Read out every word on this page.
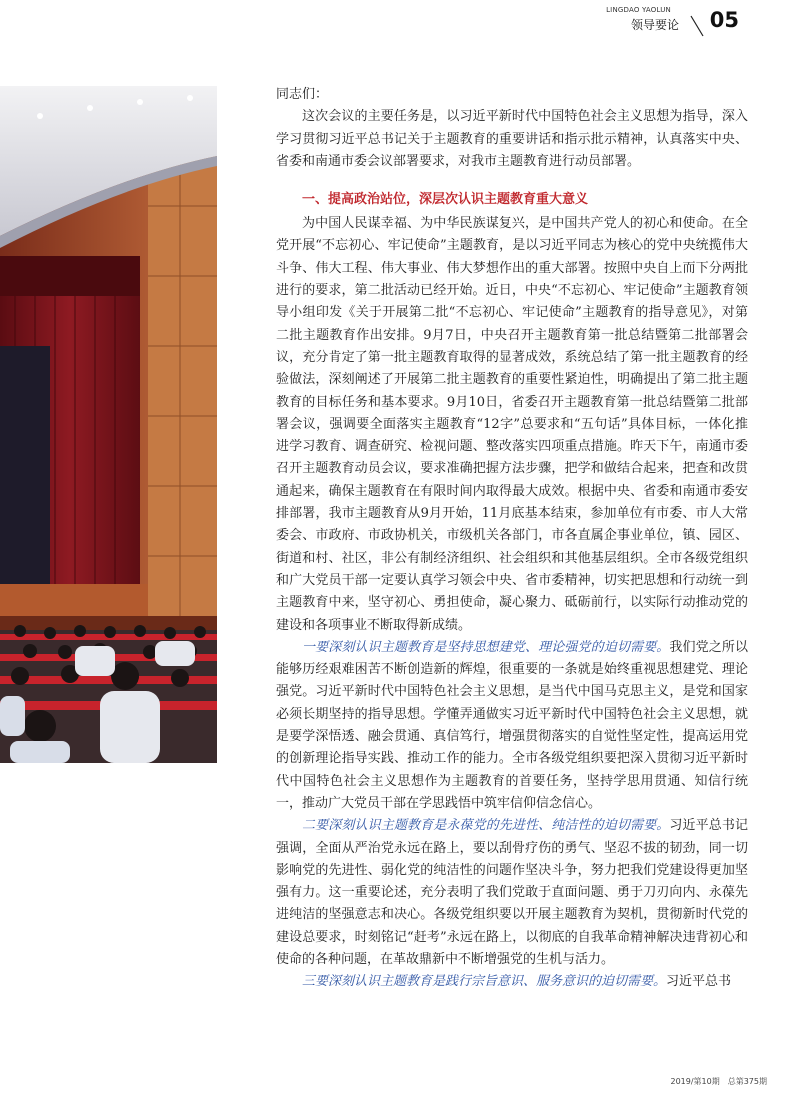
LINGDAO YAOLUN
领导要论 05

同志们：

这次会议的主要任务是，以习近平新时代中国特色社会主义思想为指导，深入学习贯彻习近平总书记关于主题教育的重要讲话和指示批示精神，认真落实中央、省委和南通市委会议部署要求，对我市主题教育进行动员部署。

一、提高政治站位，深层次认识主题教育重大意义

为中国人民谋幸福、为中华民族谋复兴，是中国共产党人的初心和使命。在全党开展“不忘初心、牢记使命”主题教育，是以习近平同志为核心的党中央统揽伟大斗争、伟大工程、伟大事业、伟大梦想作出的重大部署。按照中央自上而下分两批进行的要求，第二批活动已经开始。近日，中央“不忘初心、牢记使命”主题教育领导小组印发《关于开展第二批“不忘初心、牢记使命”主题教育的指导意见》，对第二批主题教育作出安排。9月7日，中央召开主题教育第一批总结暨第二批部署会议，充分肯定了第一批主题教育取得的显著成效，系统总结了第一批主题教育的经验做法，深刻阐述了开展第二批主题教育的重要性紧迫性，明确提出了第二批主题教育的目标任务和基本要求。9月10日，省委召开主题教育第一批总结暨第二批部署会议，强调要全面落实主题教育“12字”总要求和“五句话”具体目标，一体化推进学习教育、调查研究、检视问题、整改落实四项重点措施。昨天下午，南通市委召开主题教育动员会议，要求准确把握方法步骤，把学和做结合起来，把查和改贯通起来，确保主题教育在有限时间内取得最大成效。根据中央、省委和南通市委安排部署，我市主题教育从9月开始，11月底基本结束，参加单位有市委、市人大常委会、市政府、市政协机关，市级机关各部门，市各直属企事业单位，镇、园区、街道和村、社区，非公有制经济组织、社会组织和其他基层组织。全市各级党组织和广大党员干部一定要认真学习领会中央、省市委精神，切实把思想和行动统一到主题教育中来，坚守初心、勇担使命，凝心聚力、砥砺前行，以实际行动推动党的建设和各项事业不断取得新成绩。

一要深刻认识主题教育是坚持思想建党、理论强党的迫切需要。我们党之所以能够历经艰难困苦不断创造新的辉煌，很重要的一条就是始终重视思想建党、理论强党。习近平新时代中国特色社会主义思想，是当代中国马克思主义，是党和国家必须长期坚持的指导思想。学懂弄通做实习近平新时代中国特色社会主义思想，就是要学深悟透、融会贯通、真信笃行，增强贯彻落实的自觉性坚定性，提高运用党的创新理论指导实践、推动工作的能力。全市各级党组织要把深入贯彻习近平新时代中国特色社会主义思想作为主题教育的首要任务，坚持学思用贯通、知信行统一，推动广大党员干部在学思践悟中筑牢信仰信念信心。

二要深刻认识主题教育是永葆党的先进性、纯洁性的迫切需要。习近平总书记强调，全面从严治党永远在路上，要以刮骨疗伤的勇气、坚忍不拔的韧劲，同一切影响党的先进性、弱化党的纯洁性的问题作坚决斗争，努力把我们党建设得更加坚强有力。这一重要论述，充分表明了我们党敢于直面问题、勇于刀刃向内、永葆先进纯洁的坚强意志和决心。各级党组织要以开展主题教育为契机，贯彻新时代党的建设总要求，时刻铭记“赶考”永远在路上，以彻底的自我革命精神解决违背初心和使命的各种问题，在革故鼎新中不断增强党的生机与活力。

三要深刻认识主题教育是践行宗旨意识、服务意识的迫切需要。习近平总书

2019/第10期　总第375期
